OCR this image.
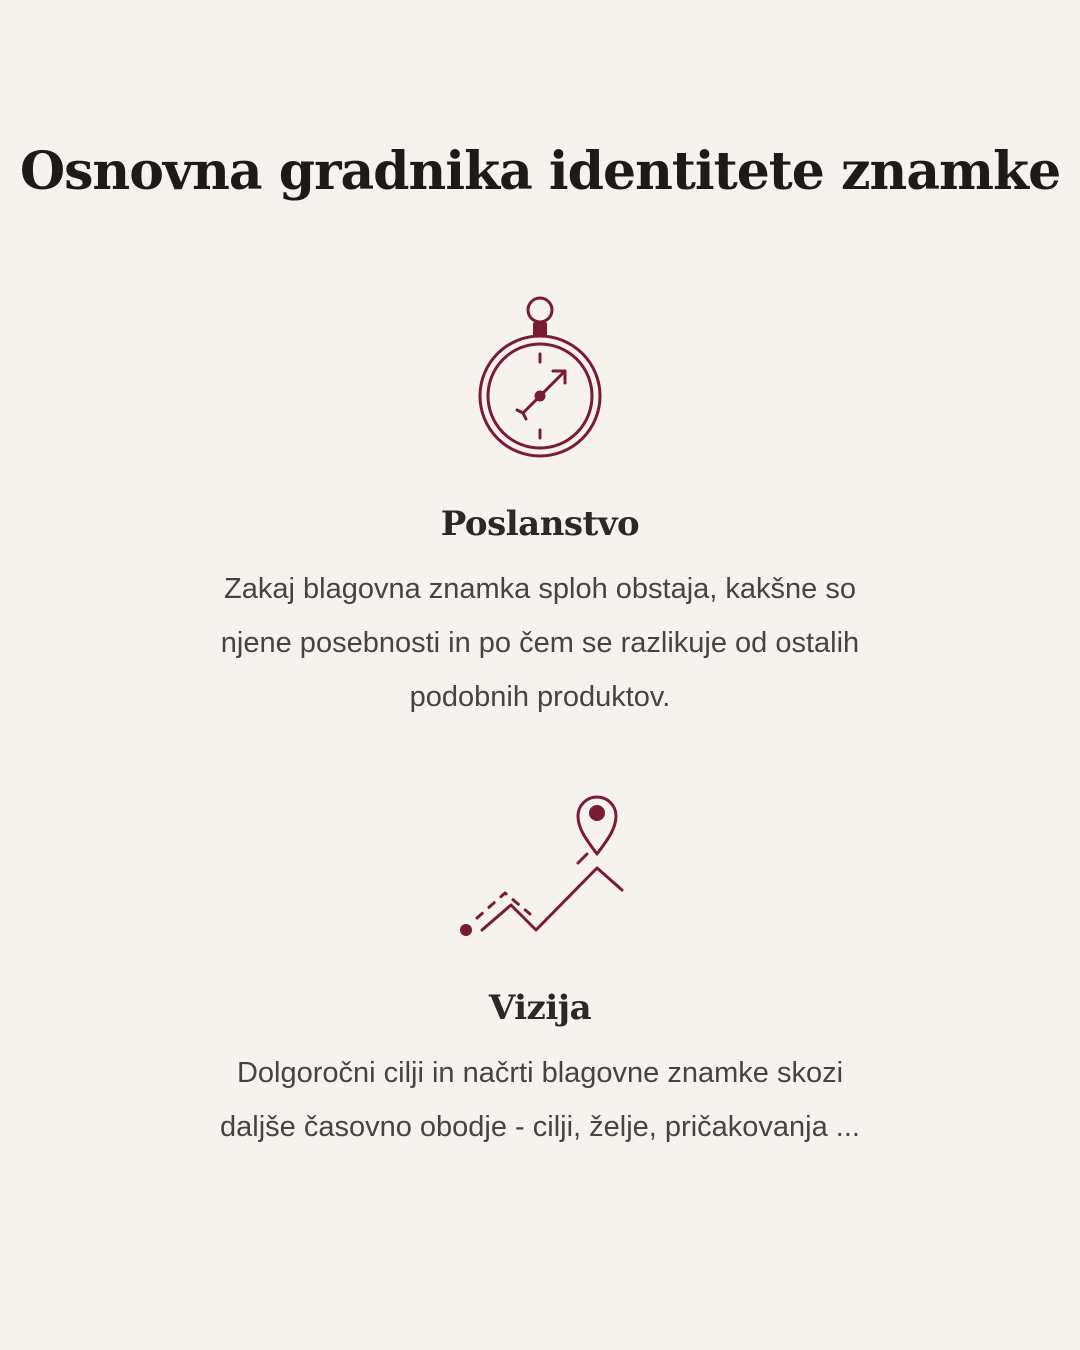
Osnovna gradnika identitete znamke
Poslanstvo

Zakaj blagovna znamka sploh obstaja, kakšne so njene posebnosti in po čem se razlikuje od ostalih podobnih produktov.

Vizija

Dolgoročni cilji in načrti blagovne znamke skozi daljše časovno obodje - cilji, želje, pričakovanja ...
